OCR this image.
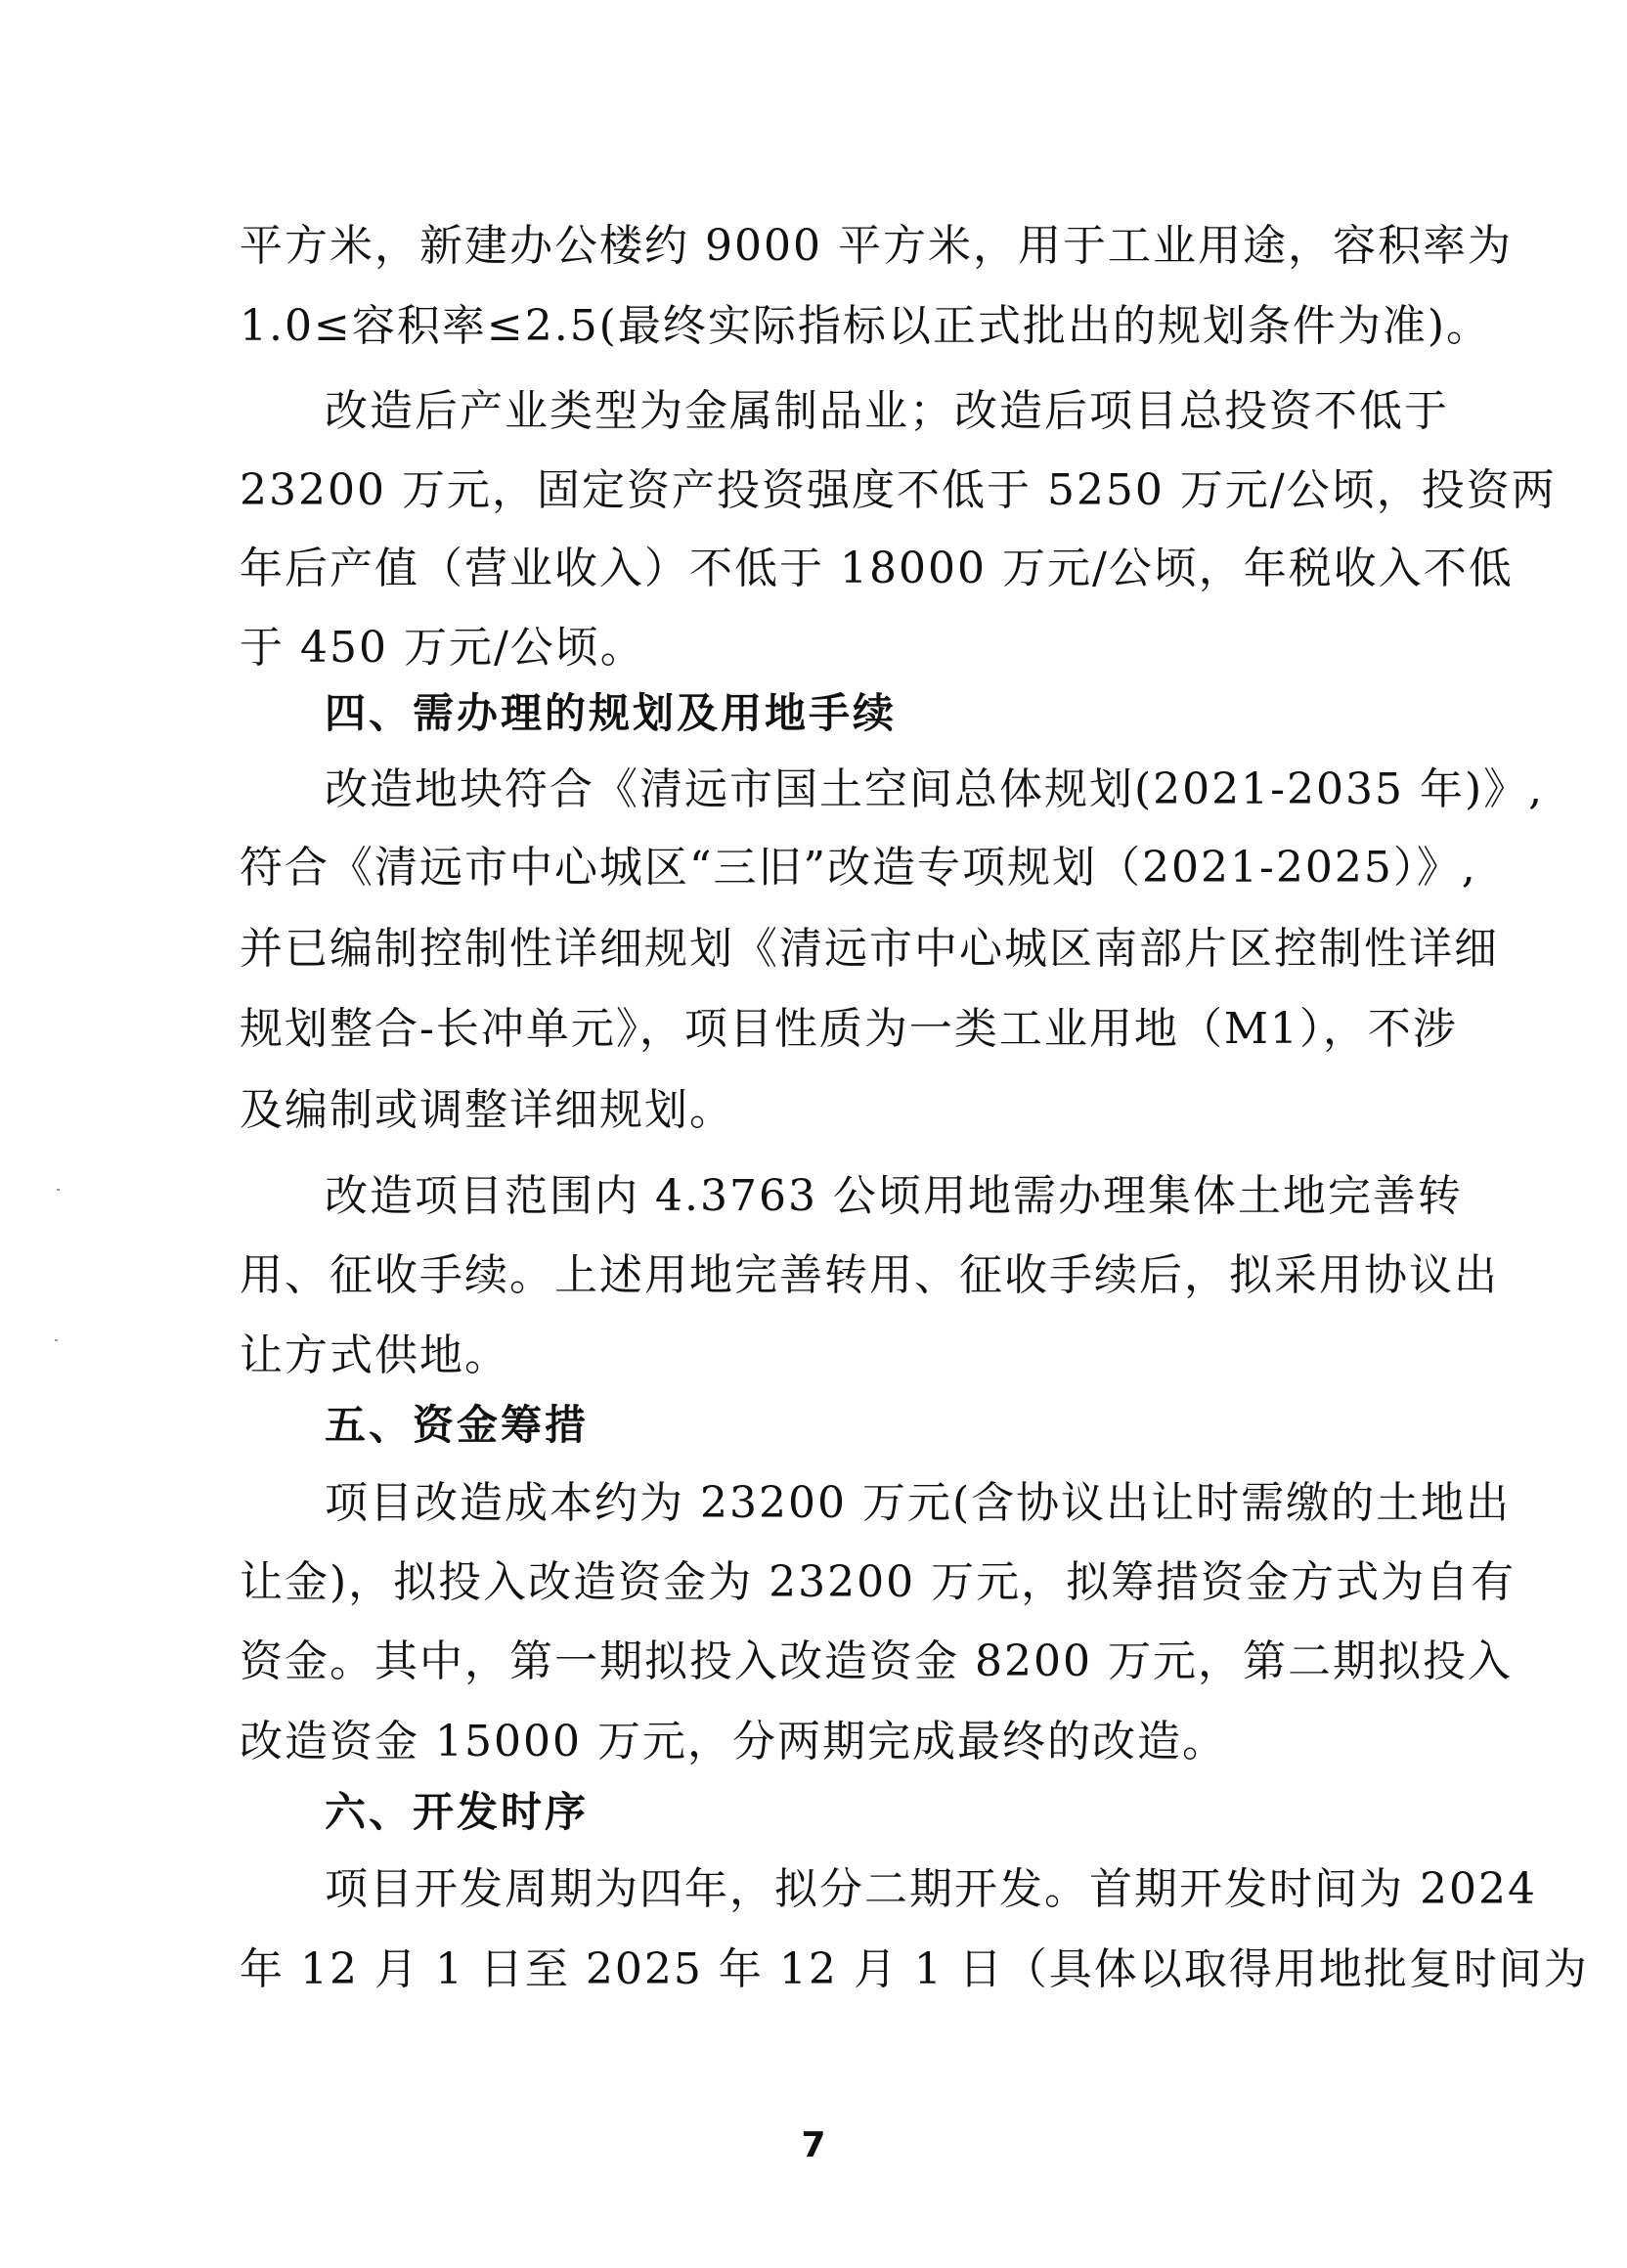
平方米，新建办公楼约 9000 平方米，用于工业用途，容积率为
1.0≤容积率≤2.5(最终实际指标以正式批出的规划条件为准)。
改造后产业类型为金属制品业；改造后项目总投资不低于
23200 万元，固定资产投资强度不低于 5250 万元/公顷，投资两
年后产值（营业收入）不低于 18000 万元/公顷，年税收入不低
于 450 万元/公顷。
四、需办理的规划及用地手续
改造地块符合《清远市国土空间总体规划(2021-2035 年)》,
符合《清远市中心城区“三旧”改造专项规划（2021-2025）》,
并已编制控制性详细规划《清远市中心城区南部片区控制性详细
规划整合-长冲单元》，项目性质为一类工业用地（M1），不涉
及编制或调整详细规划。
改造项目范围内 4.3763 公顷用地需办理集体土地完善转
用、征收手续。上述用地完善转用、征收手续后，拟采用协议出
让方式供地。
五、资金筹措
项目改造成本约为 23200 万元(含协议出让时需缴的土地出
让金)，拟投入改造资金为 23200 万元，拟筹措资金方式为自有
资金。其中，第一期拟投入改造资金 8200 万元，第二期拟投入
改造资金 15000 万元，分两期完成最终的改造。
六、开发时序
项目开发周期为四年，拟分二期开发。首期开发时间为 2024
年 12 月 1 日至 2025 年 12 月 1 日（具体以取得用地批复时间为
7
